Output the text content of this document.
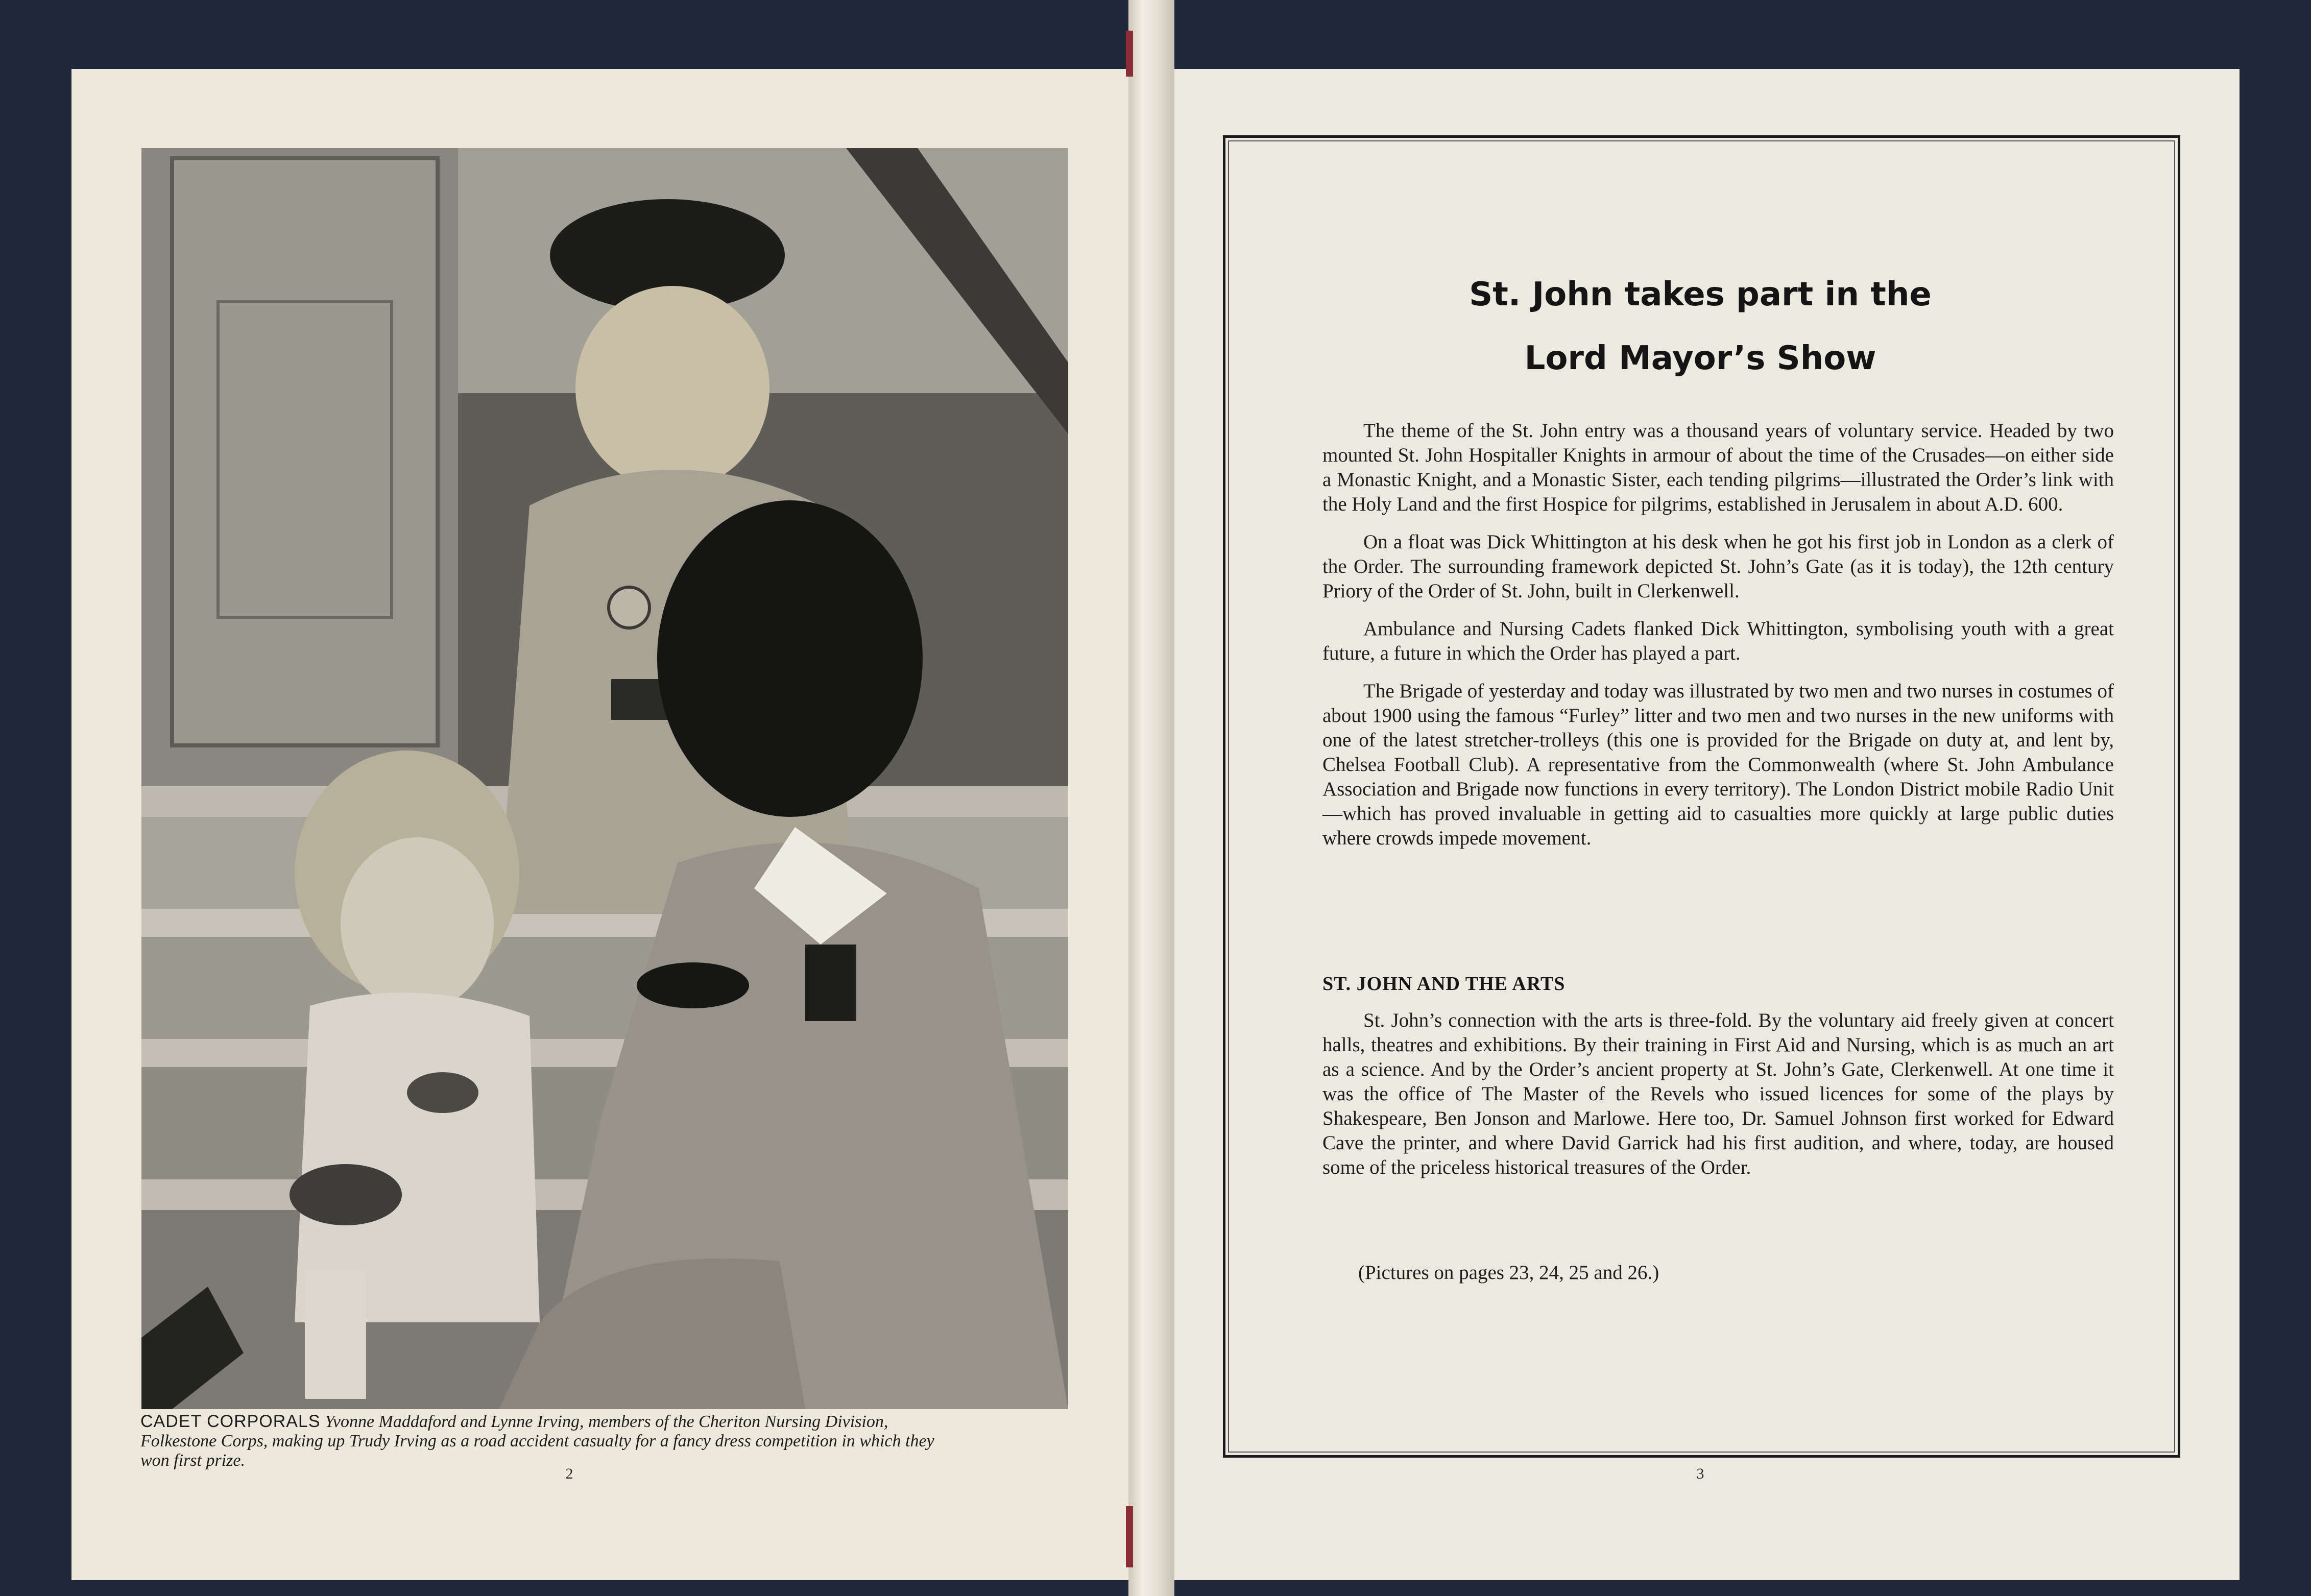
CADET CORPORALS Yvonne Maddaford and Lynne Irving, members of the Cheriton Nursing Division, Folkestone Corps, making up Trudy Irving as a road accident casualty for a fancy dress competition in which they won first prize.
2
St. John takes part in the
Lord Mayor’s Show

The theme of the St. John entry was a thousand years of voluntary service. Headed by two mounted St. John Hospitaller Knights in armour of about the time of the Crusades—on either side a Monastic Knight, and a Monastic Sister, each tending pilgrims—illustrated the Order’s link with the Holy Land and the first Hospice for pilgrims, established in Jerusalem in about A.D. 600.

On a float was Dick Whittington at his desk when he got his first job in London as a clerk of the Order. The surrounding framework depicted St. John’s Gate (as it is today), the 12th century Priory of the Order of St. John, built in Clerkenwell.

Ambulance and Nursing Cadets flanked Dick Whittington, symbolising youth with a great future, a future in which the Order has played a part.

The Brigade of yesterday and today was illustrated by two men and two nurses in costumes of about 1900 using the famous “Furley” litter and two men and two nurses in the new uniforms with one of the latest stretcher-trolleys (this one is provided for the Brigade on duty at, and lent by, Chelsea Football Club). A representative from the Commonwealth (where St. John Ambulance Association and Brigade now functions in every territory). The London District mobile Radio Unit—which has proved invaluable in getting aid to casualties more quickly at large public duties where crowds impede movement.

ST. JOHN AND THE ARTS

St. John’s connection with the arts is three-fold. By the voluntary aid freely given at concert halls, theatres and exhibitions. By their training in First Aid and Nursing, which is as much an art as a science. And by the Order’s ancient property at St. John’s Gate, Clerkenwell. At one time it was the office of The Master of the Revels who issued licences for some of the plays by Shakespeare, Ben Jonson and Marlowe. Here too, Dr. Samuel Johnson first worked for Edward Cave the printer, and where David Garrick had his first audition, and where, today, are housed some of the priceless historical treasures of the Order.

(Pictures on pages 23, 24, 25 and 26.)
3
